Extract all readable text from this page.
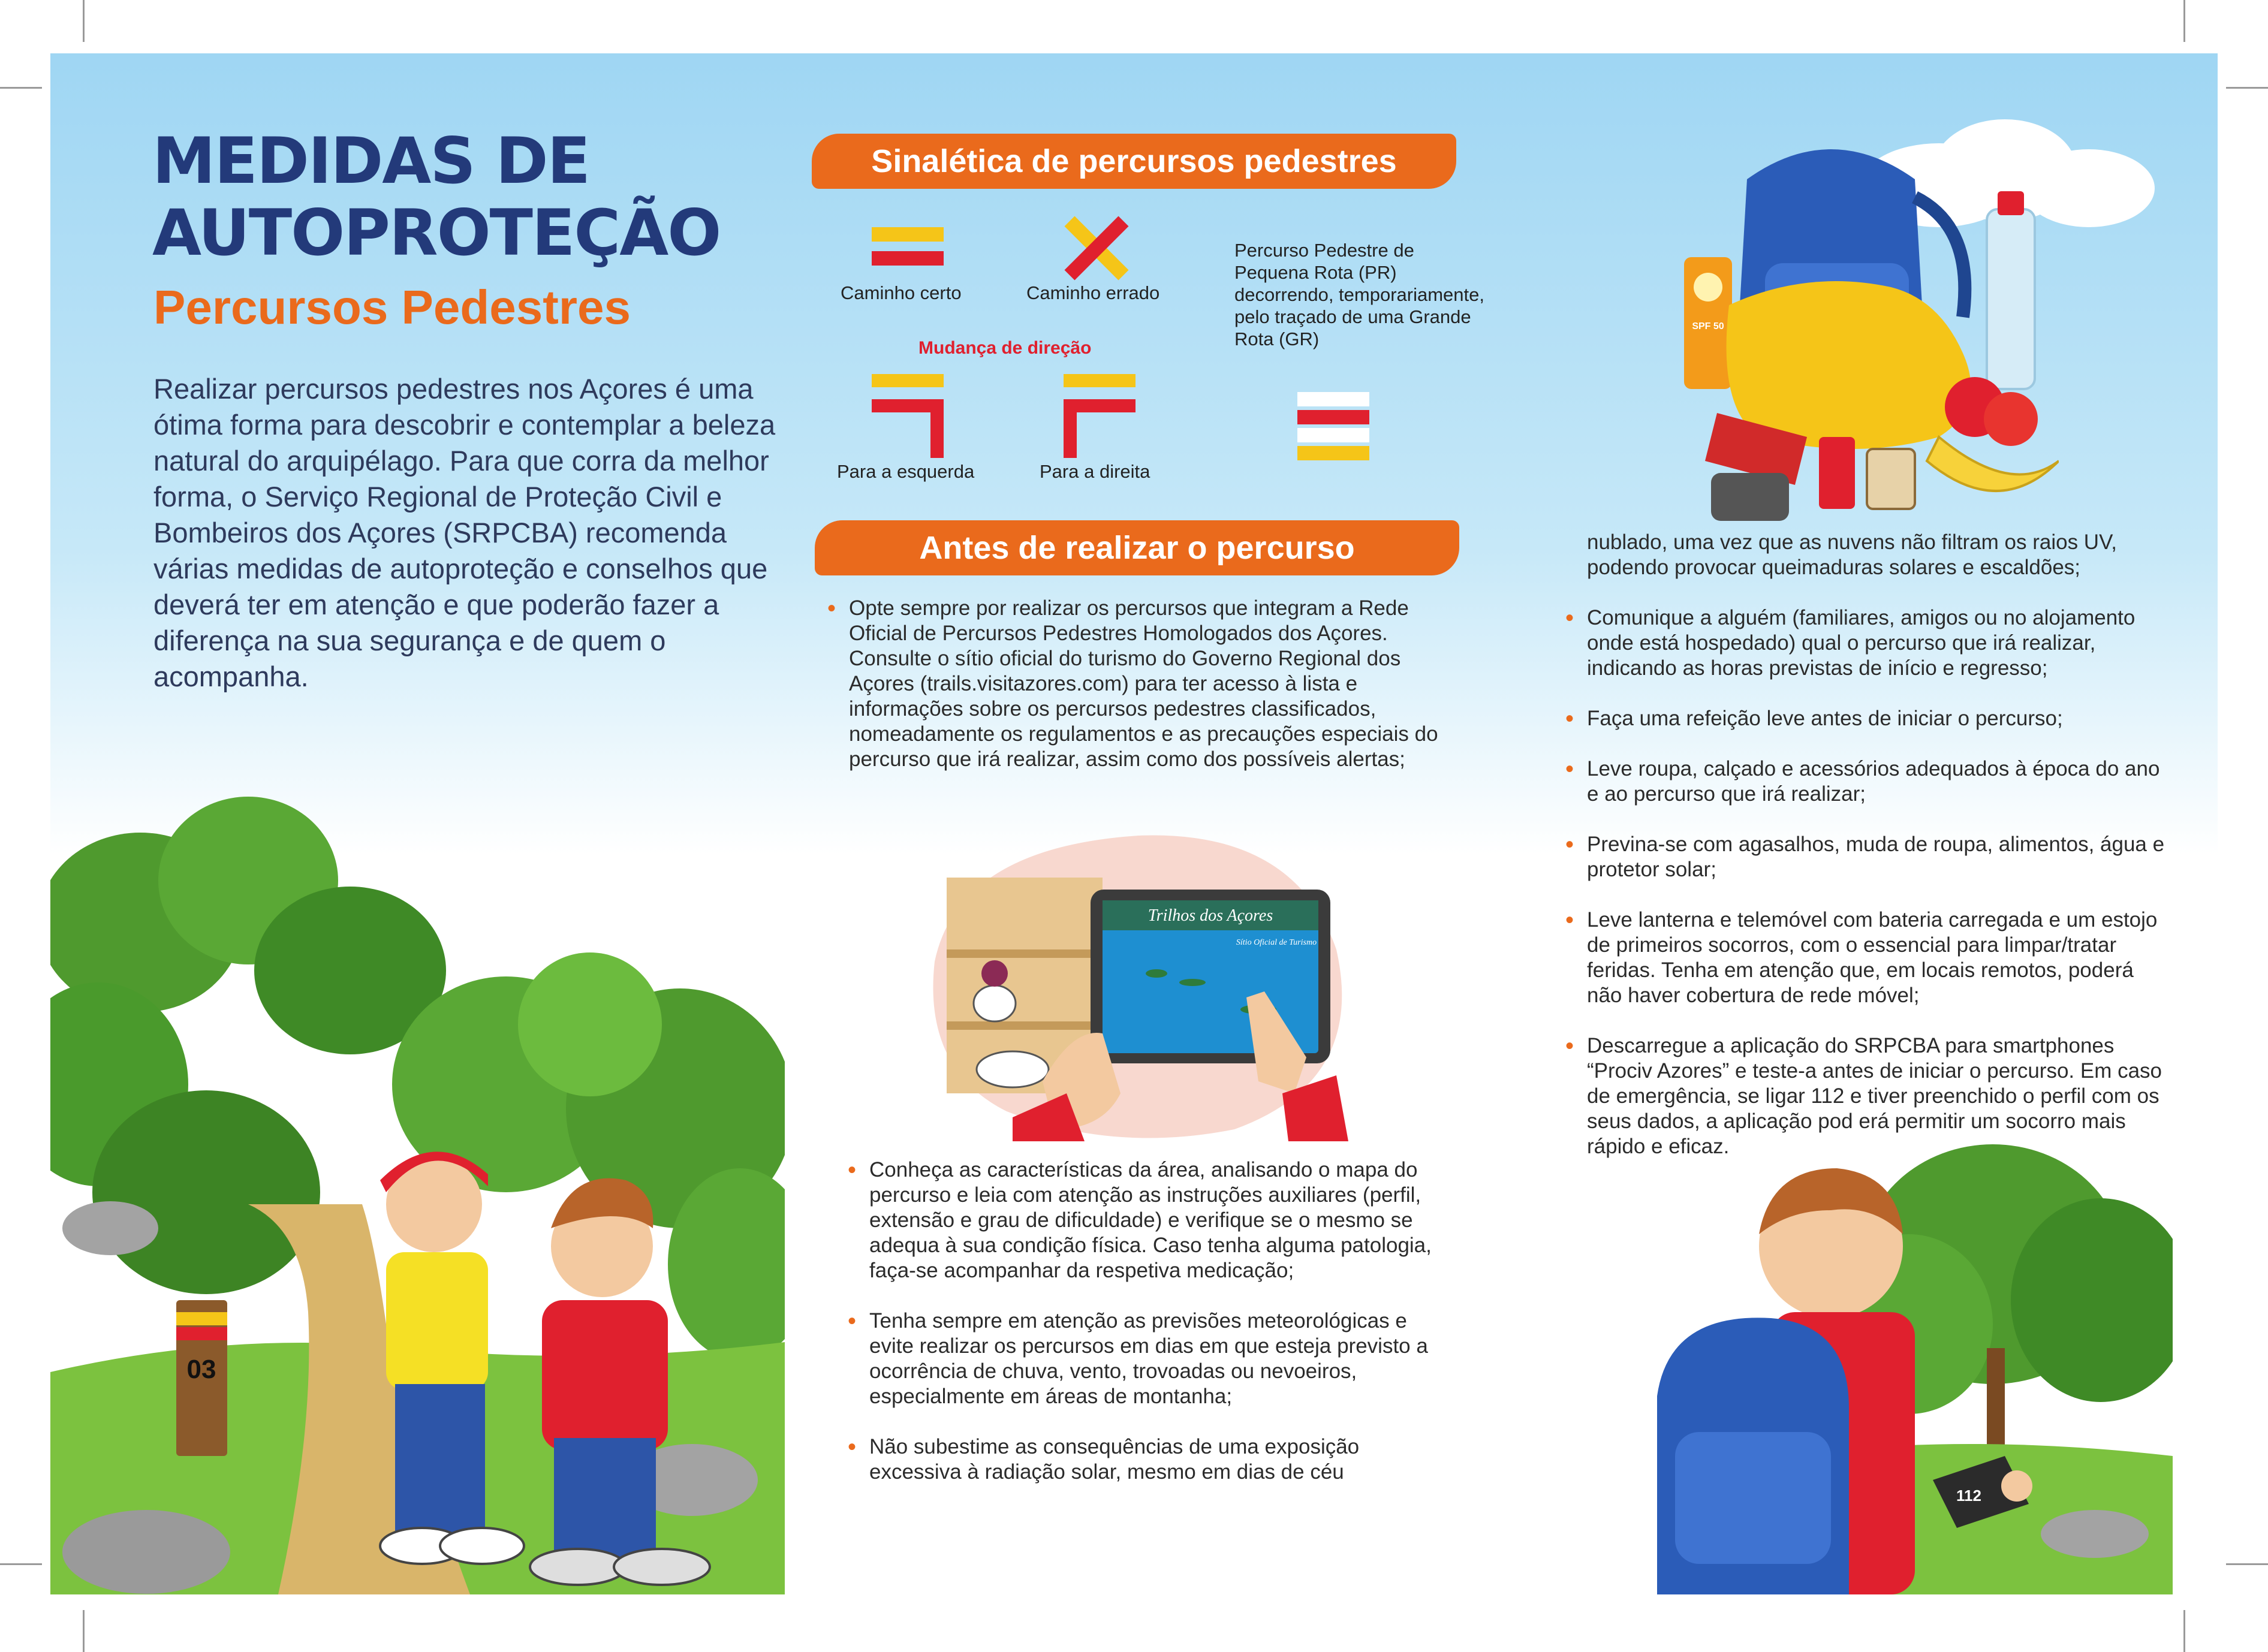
MEDIDAS DE
AUTOPROTEÇÃO
Percursos Pedestres

Realizar percursos pedestres nos Açores é uma ótima forma para descobrir e contemplar a beleza natural do arquipélago. Para que corra da melhor forma, o Serviço Regional de Proteção Civil e Bombeiros dos Açores (SRPCBA) recomenda várias medidas de autoproteção e conselhos que deverá ter em atenção e que poderão fazer a diferença na sua segurança e de quem o acompanha.

03
Sinalética de percursos pedestres
Caminho certo	Caminho errado
Mudança de direção
Para a esquerda	Para a direita

Percurso Pedestre de Pequena Rota (PR) decorrendo, temporariamente, pelo traçado de uma Grande Rota (GR)

Antes de realizar o percurso
• Opte sempre por realizar os percursos que integram a Rede Oficial de Percursos Pedestres Homologados dos Açores. Consulte o sítio oficial do turismo do Governo Regional dos Açores (trails.visitazores.com) para ter acesso à lista e informações sobre os percursos pedestres classificados, nomeadamente os regulamentos e as precauções especiais do percurso que irá realizar, assim como dos possíveis alertas;
Trilhos dos Açores
Sítio Oficial de Turismo
• Conheça as características da área, analisando o mapa do percurso e leia com atenção as instruções auxiliares (perfil, extensão e grau de dificuldade) e verifique se o mesmo se adequa à sua condição física. Caso tenha alguma patologia, faça-se acompanhar da respetiva medicação;
• Tenha sempre em atenção as previsões meteorológicas e evite realizar os percursos em dias em que esteja previsto a ocorrência de chuva, vento, trovoadas ou nevoeiros, especialmente em áreas de montanha;
• Não subestime as consequências de uma exposição excessiva à radiação solar, mesmo em dias de céu
SPF 50
nublado, uma vez que as nuvens não filtram os raios UV, podendo provocar queimaduras solares e escaldões;
• Comunique a alguém (familiares, amigos ou no alojamento onde está hospedado) qual o percurso que irá realizar, indicando as horas previstas de início e regresso;
• Faça uma refeição leve antes de iniciar o percurso;
• Leve roupa, calçado e acessórios adequados à época do ano e ao percurso que irá realizar;
• Previna-se com agasalhos, muda de roupa, alimentos, água e protetor solar;
• Leve lanterna e telemóvel com bateria carregada e um estojo de primeiros socorros, com o essencial para limpar/tratar feridas. Tenha em atenção que, em locais remotos, poderá não haver cobertura de rede móvel;
• Descarregue a aplicação do SRPCBA para smartphones “Prociv Azores” e teste-a antes de iniciar o percurso. Em caso de emergência, se ligar 112 e tiver preenchido o perfil com os seus dados, a aplicação pod erá permitir um socorro mais rápido e eficaz.
112
